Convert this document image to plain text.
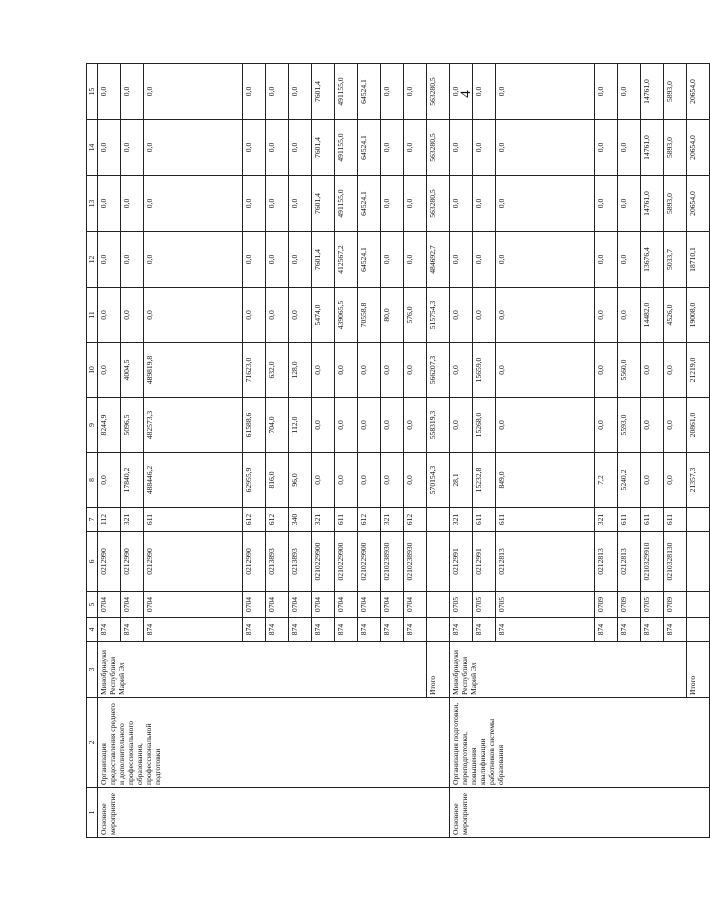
4
1	2	3	4	5	6	7	8	9	10	11	12	13	14	15
Основное мероприятие	Организация предоставления среднего и дополнительного профессионального образования, профессиональной подготовки	Минобрнауки Республики Марий Эл	874	0704	0212990	112	0,0	8244,9	0,0	0,0	0,0	0,0	0,0	0,0
			874	0704	0212990	321	17840,2	5096,5	4004,5	0,0	0,0	0,0	0,0	0,0
			874	0704	0212990	611	488446,2	482573,3	489819,8	0,0	0,0	0,0	0,0	0,0
			874	0704	0212990	612	62955,9	61588,6	71623,0	0,0	0,0	0,0	0,0	0,0
			874	0704	0213893	612	816,0	704,0	632,0	0,0	0,0	0,0	0,0	0,0
			874	0704	0213893	340	96,0	112,0	128,0	0,0	0,0	0,0	0,0	0,0
			874	0704	0210229900	321	0,0	0,0	0,0	5474,0	7601,4	7601,4	7601,4	7601,4
			874	0704	0210229900	611	0,0	0,0	0,0	439065,5	412567,2	491155,0	491155,0	491155,0
			874	0704	0210229900	612	0,0	0,0	0,0	70558,8	64524,1	64524,1	64524,1	64524,1
			874	0704	0210238930	321	0,0	0,0	0,0	80,0	0,0	0,0	0,0	0,0
			874	0704	0210238930	612	0,0	0,0	0,0	576,0	0,0	0,0	0,0	0,0
		Итого					570154,3	558319,3	566207,3	515754,3	484692,7	563280,5	563280,5	563280,5
Основное мероприятие	Организация подготовки, переподготовки, повышения квалификации работников системы образования	Минобрнауки Республики Марий Эл	874	0705	0212991	321	28,1	0,0	0,0	0,0	0,0	0,0	0,0	0,0
			874	0705	0212991	611	15232,8	15268,0	15659,0	0,0	0,0	0,0	0,0	0,0
			874	0705	0212813	611	849,0	0,0	0,0	0,0	0,0	0,0	0,0	0,0
			874	0709	0212813	321	7,2	0,0	0,0	0,0	0,0	0,0	0,0	0,0
			874	0709	0212813	611	5240,2	5593,0	5560,0	0,0	0,0	0,0	0,0	0,0
			874	0705	0210329910	611	0,0	0,0	0,0	14482,0	13676,4	14761,0	14761,0	14761,0
			874	0709	0210328130	611	0,0	0,0	0,0	4526,0	5033,7	5893,0	5893,0	5893,0
		Итого					21357,3	20861,0	21219,0	19008,0	18710,1	20654,0	20654,0	20654,0
